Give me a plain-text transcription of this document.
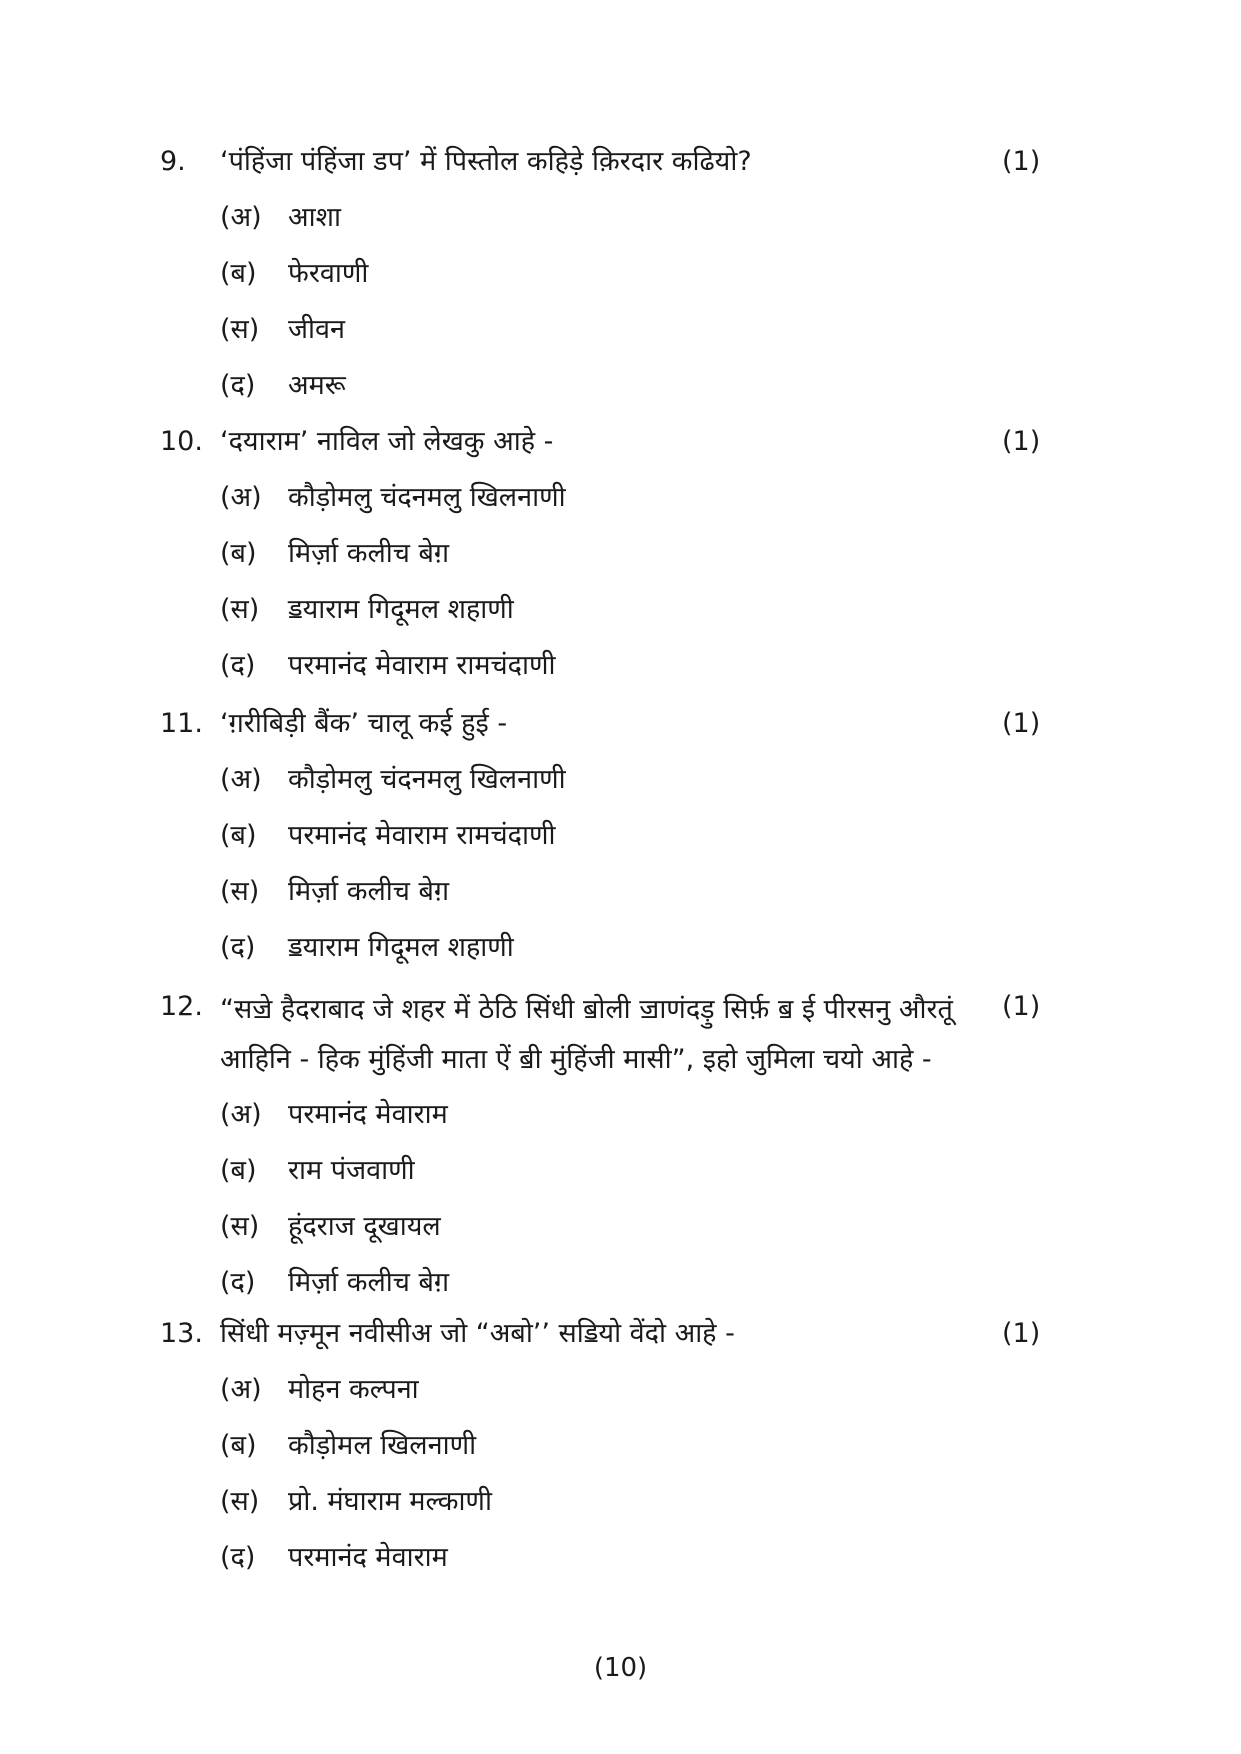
9.	‘पंहिंजा पंहिंजा डप’ में पिस्तोल कहिड़े क़िरदार कढियो?	(1)
(अ) आशा
(ब)	फेरवाणी
(स)	जीवन
(द)	अमरू
10. ‘दयाराम’ नाविल जो लेखकु आहे -	(1)
(अ) कौड़ोमलु चंदनमलु खिलनाणी
(ब)	मिर्ज़ा कलीच बेग़
(स)	ॾयाराम गिदूमल शहाणी
(द)	परमानंद मेवाराम रामचंदाणी
11. ‘ग़रीबिड़ी बैंक’ चालू कई हुई -	(1)
(अ) कौड़ोमलु चंदनमलु खिलनाणी
(ब)	परमानंद मेवाराम रामचंदाणी
(स)	मिर्ज़ा कलीच बेग़
(द)	ॾयाराम गिदूमल शहाणी
12. “सॼे हैदराबाद जे शहर में ठेठि सिंधी ॿोली ॼाणंदड़ु सिर्फ़ ॿ ई पीरसनु औरतूं आहिनि - हिक मुंहिंजी माता ऐं ॿी मुंहिंजी मासी”, इहो जुमिला चयो आहे -
(1)
(अ) परमानंद मेवाराम
(ब)	राम पंजवाणी
(स)	हूंदराज दूखायल
(द)	मिर्ज़ा कलीच बेग़
13. सिंधी मज़्मून नवीसीअ जो “अबो’’ सॾियो वेंदो आहे -	(1)
(अ) मोहन कल्पना
(ब)	कौड़ोमल खिलनाणी
(स)	प्रो. मंघाराम मल्काणी
(द)	परमानंद मेवाराम
(10)
